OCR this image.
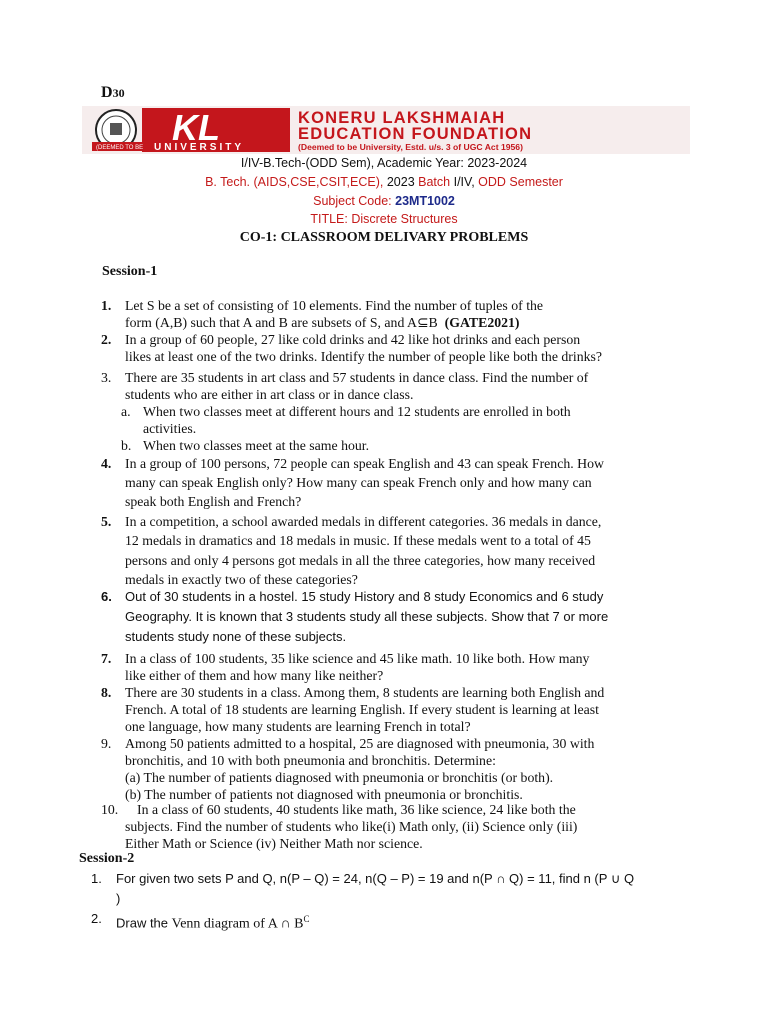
D30
(DEEMED TO BE UNIVERSITY
KL	KONERU LAKSHMAIAH
EDUCATION FOUNDATION
(Deemed to be University, Estd. u/s. 3 of UGC Act 1956)
I/IV-B.Tech-(ODD Sem), Academic Year: 2023-2024
B. Tech. (AIDS,CSE,CSIT,ECE), 2023 Batch I/IV, ODD Semester
Subject Code: 23MT1002
TITLE: Discrete Structures
CO-1: CLASSROOM DELIVARY PROBLEMS
Session-1
1. Let S be a set of consisting of 10 elements. Find the number of tuples of the
form (A,B) such that A and B are subsets of S, and A⊆B (GATE2021)
2. In a group of 60 people, 27 like cold drinks and 42 like hot drinks and each person
likes at least one of the two drinks. Identify the number of people like both the drinks?
3. There are 35 students in art class and 57 students in dance class. Find the number of
students who are either in art class or in dance class.
a. When two classes meet at different hours and 12 students are enrolled in both
activities.
b. When two classes meet at the same hour.
4. In a group of 100 persons, 72 people can speak English and 43 can speak French. How
many can speak English only? How many can speak French only and how many can
speak both English and French?
5. In a competition, a school awarded medals in different categories. 36 medals in dance,
12 medals in dramatics and 18 medals in music. If these medals went to a total of 45
persons and only 4 persons got medals in all the three categories, how many received
medals in exactly two of these categories?
6. Out of 30 students in a hostel. 15 study History and 8 study Economics and 6 study
Geography. It is known that 3 students study all these subjects. Show that 7 or more
students study none of these subjects.
7. In a class of 100 students, 35 like science and 45 like math. 10 like both. How many
like either of them and how many like neither?
8. There are 30 students in a class. Among them, 8 students are learning both English and
French. A total of 18 students are learning English. If every student is learning at least
one language, how many students are learning French in total?
9. Among 50 patients admitted to a hospital, 25 are diagnosed with pneumonia, 30 with
bronchitis, and 10 with both pneumonia and bronchitis. Determine:
(a) The number of patients diagnosed with pneumonia or bronchitis (or both).
(b) The number of patients not diagnosed with pneumonia or bronchitis.
10. In a class of 60 students, 40 students like math, 36 like science, 24 like both the
subjects. Find the number of students who like(i) Math only, (ii) Science only (iii)
Either Math or Science (iv) Neither Math nor science.
Session-2
1. For given two sets P and Q, n(P – Q) = 24, n(Q – P) = 19 and n(P ∩ Q) = 11, find n (P ∪ Q
)
2. Draw the Venn diagram of A ∩ $B^C$
